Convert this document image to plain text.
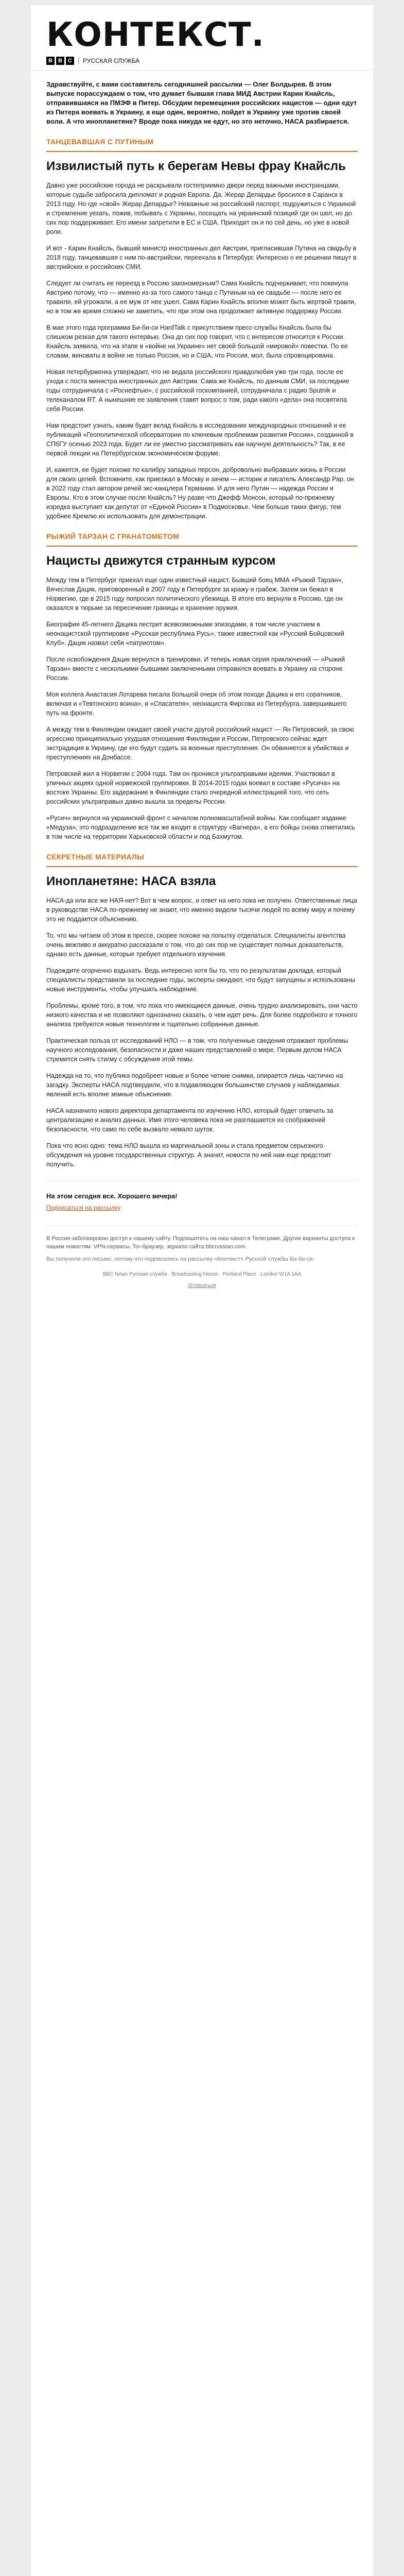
КОНТЕКСТ.
B	B	C	РУССКАЯ СЛУЖБА

Здравствуйте, с вами составитель сегодняшней рассылки — Олег Болдырев. В этом выпуске порассуждаем о том, что думает бывшая глава МИД Австрии Карин Кнайсль, отправившаяся на ПМЭФ в Питер. Обсудим перемещения российских нацистов — одни едут из Питера воевать в Украину, а еще один, вероятно, пойдет в Украину уже против своей воли. А что инопланетяне? Вроде пока никуда не едут, но это неточно, НАСА разбирается.

ТАНЦЕВАВШАЯ С ПУТИНЫМ
Извилистый путь к берегам Невы фрау Кнайсль

Давно уже российские города не раскрывали гостеприимно двери перед важными иностранцами, которые судьбе забросила дипломат и родная Европа. Да, Жерар Депардье бросился в Саранск в 2013 году. Но где «свой» Жерар Депардье? Неважные на российский паспорт, подружиться с Украиной и стремление уехать, пожив, побывать с Украины, посещать на украинский позиций где он шел, но до сих пор поддерживает. Его имени запретили в ЕС и США. Приходит он и по сей день, но уже в новой роли.

И вот - Карин Кнайсль, бывший министр иностранных дел Австрии, пригласившая Путина на свадьбу в 2018 году, танцевавшая с ним по-австрийски, переехала в Петербург. Интересно о ее решении пишут в австрийских и российских СМИ.

Следует ли считать ее переезд в Россию закономерным? Сама Кнайсль подчеркивает, что покинула Австрию потому, что — именно из-за того самого танца с Путиным на ее свадьбе — после него ее травили, ей угрожали, а ее муж от нее ушел. Сама Карин Кнайсль вполне может быть жертвой травли, но в том же время сложно не заметить, что при этом она продолжает активную поддержку России.

В мае этого года программа Би-би-си HardTalk с присутствием пресс-службы Кнайсль была бы слишком резкая для такого интервью. Она до сих пор говорит, что с интересом относится к России. Кнайсль заявила, что на этапе в «войне на Украине» нет своей большой «мировой» повестки. По ее словам, виноваты в войне не только Россия, но и США, что Россия, мол, была спровоцирована.

Новая петербурженка утверждает, что не ведала российского правдолюбия уже три года, после ее ухода с поста министра иностранных дел Австрии. Сама же Кнайсль, по данным СМИ, за последние годы сотрудничала с «Роснефтью», с российской госкомпанией, сотрудничала с радио Sputnik и телеканалом RT. А нынешние ее заявления ставят вопрос о том, ради какого «дела» она посвятила себя России.

Нам предстоит узнать, каким будет вклад Кнайсль в исследование международных отношений и ее публикаций «Геополитической обсерватории по ключевым проблемам развития России», созданной в СПбГУ осенью 2023 года. Будет ли ее уместно рассматривать как научную деятельность? Так, в ее первой лекции на Петербургском экономическом форуме.

И, кажется, ее будет похоже по калибру западных персон, добровольно выбравших жизнь в России для своих целей. Вспомните, как приезжал в Москву и зачем — историк и писатель Александр Рар, он в 2022 году стал автором речей экс-канцлера Германии. И для него Путин — надежда России и Европы. Кто в этом случае после Кнайсль? Ну разве что Джефф Монсон, который по-прежнему изредка выступает как депутат от «Единой России» в Подмосковье. Чем больше таких фигур, тем удобнее Кремлю их использовать для демонстрации.

РЫЖИЙ ТАРЗАН С ГРАНАТОМЕТОМ
Нацисты движутся странным курсом

Между тем в Петербург приехал еще один известный нацист. Бывший боец ММА «Рыжий Тарзан», Вячеслав Дацик, приговоренный в 2007 году в Петербурге за кражу и грабеж. Затем он бежал в Норвегию, где в 2015 году попросил политического убежища. В итоге его вернули в Россию, где он оказался в тюрьме за пересечение границы и хранение оружия.

Биография 45-летнего Дацика пестрит всевозможными эпизодами, в том числе участием в неонацистской группировке «Русская республика Русь», также известной как «Русский Бойцовский Клуб». Дацик назвал себя «патриотом».

После освобождения Дацик вернулся в тренировки. И теперь новая серия приключений — «Рыжий Тарзан» вместе с несколькими бывшими заключенными отправился воевать в Украину на стороне России.

Моя коллега Анастасия Лотарева писала большой очерк об этом походе Дацика и его соратников, включая и «Тевтонского воина», и «Спасателя», неонациста Фирсова из Петербурга, завершившего путь на фронте.

А между тем в Финляндии ожидает своей участи другой российский нацист — Ян Петровский, за свою агрессию принципиально ухудшая отношения Финляндии и России, Петровского сейчас ждет экстрадиция в Украину, где его будут судить за военные преступления. Он обвиняется в убийствах и преступлениях на Донбассе.

Петровский жил в Норвегии с 2004 года. Там он проникся ультраправыми идеями. Участвовал в уличных акциях одной норвежской группировки. В 2014-2015 годах воевал в составе «Русича» на востоке Украины. Его задержание в Финляндии стало очередной иллюстрацией того, что сеть российских ультраправых давно вышла за пределы России.

«Русич» вернулся на украинский фронт с началом полномасштабной войны. Как сообщает издание «Медуза», это подразделение все так же входит в структуру «Вагнера», а его бойцы снова отметились в том числе на территории Харьковской области и под Бахмутом.

СЕКРЕТНЫЕ МАТЕРИАЛЫ
Инопланетяне: НАСА взяла

НАСА-да или все же НАЯ-нет? Вот в чем вопрос, и ответ на него пока не получен. Ответственные лица в руководстве НАСА по-прежнему не знают, что именно видели тысячи людей по всему миру и почему это не поддается объяснению.

То, что мы читаем об этом в прессе, скорее похоже на попытку отделаться. Специалисты агентства очень вежливо и аккуратно рассказали о том, что до сих пор не существует полных доказательств, однако есть данные, которые требуют отдельного изучения.

Подождите огорченно вздыхать. Ведь интересно хотя бы то, что по результатам доклада, который специалисты представили за последние годы, эксперты ожидают, что будут запущены и использованы новые инструменты, чтобы улучшать наблюдение.

Проблемы, кроме того, в том, что пока что имеющиеся данные, очень трудно анализировать, они часто низкого качества и не позволяют однозначно сказать, о чем идет речь. Для более подробного и точного анализа требуются новые технологии и тщательно собранные данные.

Практическая польза от исследований НЛО — в том, что полученные сведения отражают проблемы научного исследования, безопасности и даже наших представлений о мире. Первым делом НАСА стремится снять стигму с обсуждения этой темы.

Надежда на то, что публика подобреет новые и более четкие снимки, опирается лишь частично на загадку. Эксперты НАСА подтвердили, что в подавляющем большинстве случаев у наблюдаемых явлений есть вполне земные объяснения.

НАСА назначило нового директора департамента по изучению НЛО, который будет отвечать за централизацию и анализ данных. Имя этого человека пока не разглашается из соображений безопасности, что само по себе вызвало немало шуток.

Пока что ясно одно: тема НЛО вышла из маргинальной зоны и стала предметом серьезного обсуждения на уровне государственных структур. А значит, новости по ней нам еще предстоит получить.

На этом сегодня все. Хорошего вечера!
Подписаться на рассылку
В России заблокирован доступ к нашему сайту. Подпишитесь на наш канал в Телеграме. Другие варианты доступа к нашим новостям: VPN-сервисы, Tor-браузер, зеркало сайта bbcrussian.com.
Вы получили это письмо, потому что подписались на рассылку «Контекст» Русской службы Би-би-си.
BBC News Русская служба · Broadcasting House · Portland Place · London W1A 1AA
Отписаться
